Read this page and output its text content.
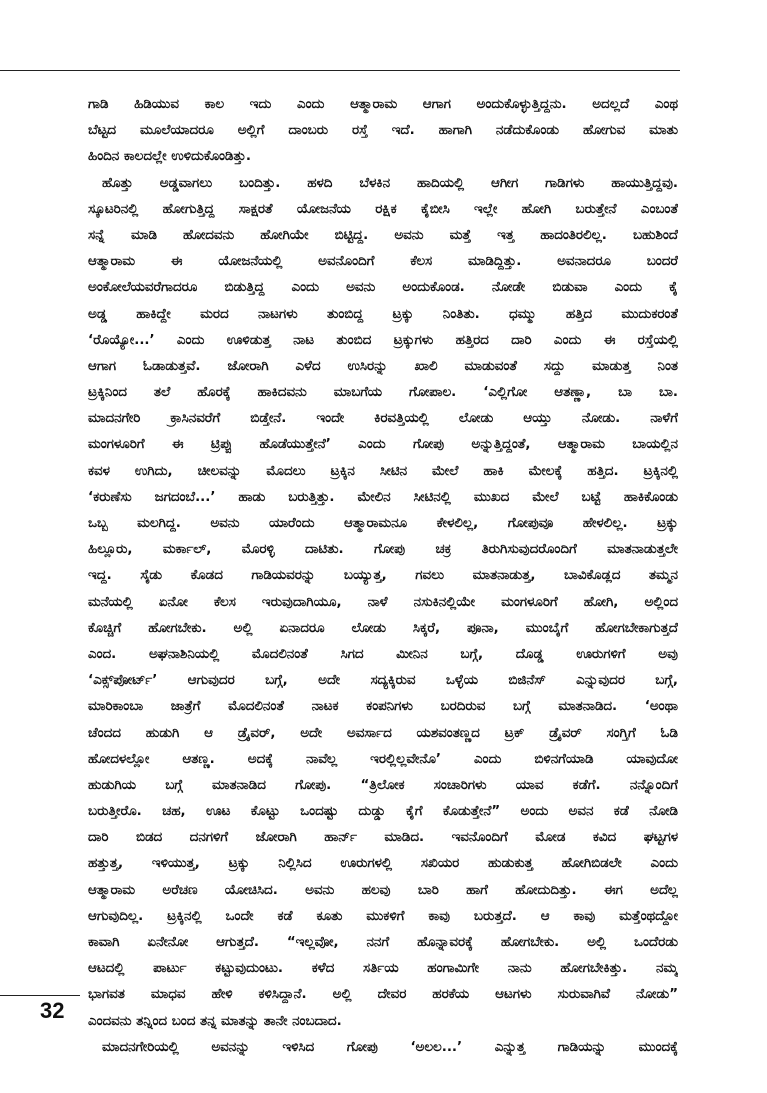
ಗಾಡಿ ಹಿಡಿಯುವ ಕಾಲ ಇದು ಎಂದು ಆತ್ಮಾರಾಮ ಆಗಾಗ ಅಂದುಕೊಳ್ಳುತ್ತಿದ್ದನು. ಅದಲ್ಲದೆ ಎಂಥ
ಬೆಟ್ಟದ ಮೂಲೆಯಾದರೂ ಅಲ್ಲಿಗೆ ದಾಂಬರು ರಸ್ತೆ ಇದೆ. ಹಾಗಾಗಿ ನಡೆದುಕೊಂಡು ಹೋಗುವ ಮಾತು
ಹಿಂದಿನ ಕಾಲದಲ್ಲೇ ಉಳಿದುಕೊಂಡಿತ್ತು.
ಹೊತ್ತು ಅಡ್ಡವಾಗಲು ಬಂದಿತ್ತು. ಹಳದಿ ಬೆಳಕಿನ ಹಾದಿಯಲ್ಲಿ ಆಗೀಗ ಗಾಡಿಗಳು ಹಾಯುತ್ತಿದ್ದವು.
ಸ್ಕೂಟರಿನಲ್ಲಿ ಹೋಗುತ್ತಿದ್ದ ಸಾಕ್ಷರತೆ ಯೋಜನೆಯ ರಕ್ಷಿಕ ಕೈಬೀಸಿ ಇಲ್ಲೇ ಹೋಗಿ ಬರುತ್ತೇನೆ ಎಂಬಂತೆ
ಸನ್ನೆ ಮಾಡಿ ಹೋದವನು ಹೋಗಿಯೇ ಬಿಟ್ಟಿದ್ದ. ಅವನು ಮತ್ತೆ ಇತ್ತ ಹಾದಂತಿರಲಿಲ್ಲ. ಬಹುಶಿಂದೆ
ಆತ್ಮಾರಾಮ ಈ ಯೋಜನೆಯಲ್ಲಿ ಅವನೊಂದಿಗೆ ಕೆಲಸ ಮಾಡಿದ್ದಿತ್ತು. ಅವನಾದರೂ ಬಂದರೆ
ಅಂಕೋಲೆಯವರೆಗಾದರೂ ಬಿಡುತ್ತಿದ್ದ ಎಂದು ಅವನು ಅಂದುಕೊಂಡ. ನೋಡೇ ಬಿಡುವಾ ಎಂದು ಕೈ
ಅಡ್ಡ ಹಾಕಿದ್ದೇ ಮರದ ನಾಟಗಳು ತುಂಬಿದ್ದ ಟ್ರಕ್ಕು ನಿಂತಿತು. ಧಮ್ಮು ಹತ್ತಿದ ಮುದುಕರಂತೆ
‘ರೊಯ್ಯೋ...’ ಎಂದು ಊಳಿಡುತ್ತ ನಾಟ ತುಂಬಿದ ಟ್ರಕ್ಕುಗಳು ಹತ್ತಿರದ ದಾರಿ ಎಂದು ಈ ರಸ್ತೆಯಲ್ಲಿ
ಆಗಾಗ ಓಡಾಡುತ್ತವೆ. ಜೋರಾಗಿ ಎಳೆದ ಉಸಿರನ್ನು ಖಾಲಿ ಮಾಡುವಂತೆ ಸದ್ದು ಮಾಡುತ್ತ ನಿಂತ
ಟ್ರಕ್ಕಿನಿಂದ ತಲೆ ಹೊರಕ್ಕೆ ಹಾಕಿದವನು ಮಾಬಗೆಯ ಗೋಪಾಲ. ‘ಎಲ್ಲಿಗೋ ಆತಣ್ಣಾ, ಬಾ ಬಾ.
ಮಾದನಗೇರಿ ಕ್ರಾಸಿನವರೆಗೆ ಬಿಡ್ತೇನೆ. ಇಂದೇ ಕಿರವತ್ತಿಯಲ್ಲಿ ಲೋಡು ಆಯ್ತು ನೋಡು. ನಾಳೆಗೆ
ಮಂಗಳೂರಿಗೆ ಈ ಟ್ರಿಪ್ಪು ಹೊಡೆಯುತ್ತೇನೆ’ ಎಂದು ಗೋಪು ಅನ್ನುತ್ತಿದ್ದಂತೆ, ಆತ್ಮಾರಾಮ ಬಾಯಲ್ಲಿನ
ಕವಳ ಉಗಿದು, ಚೀಲವನ್ನು ಮೊದಲು ಟ್ರಕ್ಕಿನ ಸೀಟಿನ ಮೇಲೆ ಹಾಕಿ ಮೇಲಕ್ಕೆ ಹತ್ತಿದ. ಟ್ರಕ್ಕಿನಲ್ಲಿ
‘ಕರುಣೆಸು ಜಗದಂಬೆ...’ ಹಾಡು ಬರುತ್ತಿತ್ತು. ಮೇಲಿನ ಸೀಟಿನಲ್ಲಿ ಮುಖದ ಮೇಲೆ ಬಟ್ಟೆ ಹಾಕಿಕೊಂಡು
ಒಬ್ಬ ಮಲಗಿದ್ದ. ಅವನು ಯಾರೆಂದು ಆತ್ಮಾರಾಮನೂ ಕೇಳಲಿಲ್ಲ, ಗೋಪುವೂ ಹೇಳಲಿಲ್ಲ. ಟ್ರಕ್ಕು
ಹಿಲ್ಲೂರು, ಮರ್ಕಾಲ್, ಮೊರಳ್ಳಿ ದಾಟಿತು. ಗೋಪು ಚಕ್ರ ತಿರುಗಿಸುವುದರೊಂದಿಗೆ ಮಾತನಾಡುತ್ತಲೇ
ಇದ್ದ. ಸೈಡು ಕೊಡದ ಗಾಡಿಯವರನ್ನು ಬಯ್ಯುತ್ತ, ಗವಲು ಮಾತನಾಡುತ್ತ, ಬಾವಿಕೊಡ್ಲದ ತಮ್ಮನ
ಮನೆಯಲ್ಲಿ ಏನೋ ಕೆಲಸ ಇರುವುದಾಗಿಯೂ, ನಾಳೆ ನಸುಕಿನಲ್ಲಿಯೇ ಮಂಗಳೂರಿಗೆ ಹೋಗಿ, ಅಲ್ಲಿಂದ
ಕೊಚ್ಚಿಗೆ ಹೋಗಬೇಕು. ಅಲ್ಲಿ ಏನಾದರೂ ಲೋಡು ಸಿಕ್ಕರೆ, ಪೂನಾ, ಮುಂಬೈಗೆ ಹೋಗಬೇಕಾಗುತ್ತದೆ
ಎಂದ. ಅಘನಾಶಿನಿಯಲ್ಲಿ ಮೊದಲಿನಂತೆ ಸಿಗದ ಮೀನಿನ ಬಗ್ಗೆ, ದೊಡ್ಡ ಊರುಗಳಿಗೆ ಅವು
‘ಎಕ್ಸ್‌ಪೋರ್ಟ್’ ಆಗುವುದರ ಬಗ್ಗೆ, ಅದೇ ಸದ್ಯಕ್ಕಿರುವ ಒಳ್ಳೆಯ ಬಿಜಿನೆಸ್ ಎನ್ನುವುದರ ಬಗ್ಗೆ,
ಮಾರಿಕಾಂಬಾ ಜಾತ್ರೆಗೆ ಮೊದಲಿನಂತೆ ನಾಟಕ ಕಂಪನಿಗಳು ಬರದಿರುವ ಬಗ್ಗೆ ಮಾತನಾಡಿದ. ‘ಅಂಥಾ
ಚೆಂದದ ಹುಡುಗಿ ಆ ಡ್ರೈವರ್, ಅದೇ ಅವರ್ಸಾದ ಯಶವಂತಣ್ಣದ ಟ್ರಕ್ ಡ್ರೈವರ್ ಸಂಗ್ತಿಗೆ ಓಡಿ
ಹೋದಳಲ್ಲೋ ಆತಣ್ಣ. ಅದಕ್ಕೆ ನಾವೆಲ್ಲ ಇರಲ್ಲಿಲ್ಲವೇನೊ’ ಎಂದು ಬಿಳಿನಗೆಯಾಡಿ ಯಾವುದೋ
ಹುಡುಗಿಯ ಬಗ್ಗೆ ಮಾತನಾಡಿದ ಗೋಪು. “ತ್ರಿಲೋಕ ಸಂಚಾರಿಗಳು ಯಾವ ಕಡೆಗೆ. ನನ್ನೊಂದಿಗೆ
ಬರುತ್ತೀರೊ. ಚಹ, ಊಟ ಕೊಟ್ಟು ಒಂದಷ್ಟು ದುಡ್ಡು ಕೈಗೆ ಕೊಡುತ್ತೇನೆ” ಅಂದು ಅವನ ಕಡೆ ನೋಡಿ
ದಾರಿ ಬಿಡದ ದನಗಳಿಗೆ ಜೋರಾಗಿ ಹಾರ್ನ್ ಮಾಡಿದ. ಇವನೊಂದಿಗೆ ಮೋಡ ಕವಿದ ಘಟ್ಟಗಳ
ಹತ್ತುತ್ತ, ಇಳಿಯುತ್ತ, ಟ್ರಕ್ಕು ನಿಲ್ಲಿಸಿದ ಊರುಗಳಲ್ಲಿ ಸಖಿಯರ ಹುಡುಕುತ್ತ ಹೋಗಿಬಿಡಲೇ ಎಂದು
ಆತ್ಮಾರಾಮ ಅರೆಚಣ ಯೋಚಿಸಿದ. ಅವನು ಹಲವು ಬಾರಿ ಹಾಗೆ ಹೋದುದಿತ್ತು. ಈಗ ಅದೆಲ್ಲ
ಆಗುವುದಿಲ್ಲ. ಟ್ರಕ್ಕಿನಲ್ಲಿ ಒಂದೇ ಕಡೆ ಕೂತು ಮುಕಳಿಗೆ ಕಾವು ಬರುತ್ತದೆ. ಆ ಕಾವು ಮತ್ತೆಂಥದ್ದೋ
ಕಾವಾಗಿ ಏನೇನೋ ಆಗುತ್ತದೆ. “ಇಲ್ಲವೋ, ನನಗೆ ಹೊನ್ನಾವರಕ್ಕೆ ಹೋಗಬೇಕು. ಅಲ್ಲಿ ಒಂದೆರಡು
ಆಟದಲ್ಲಿ ಪಾರ್ಟು ಕಟ್ಟುವುದುಂಟು. ಕಳೆದ ಸರ್ತಿಯ ಹಂಗಾಮಿಗೇ ನಾನು ಹೋಗಬೇಕಿತ್ತು. ನಮ್ಮ
ಭಾಗವತ ಮಾಧವ ಹೇಳಿ ಕಳಿಸಿದ್ದಾನೆ. ಅಲ್ಲಿ ದೇವರ ಹರಕೆಯ ಆಟಗಳು ಸುರುವಾಗಿವೆ ನೋಡು”
ಎಂದವನು ತನ್ನಿಂದ ಬಂದ ತನ್ನ ಮಾತನ್ನು ತಾನೇ ನಂಬದಾದ.
ಮಾದನಗೇರಿಯಲ್ಲಿ ಅವನನ್ನು ಇಳಿಸಿದ ಗೋಪು ‘ಅಲಲ...’ ಎನ್ನುತ್ತ ಗಾಡಿಯನ್ನು ಮುಂದಕ್ಕೆ
32
